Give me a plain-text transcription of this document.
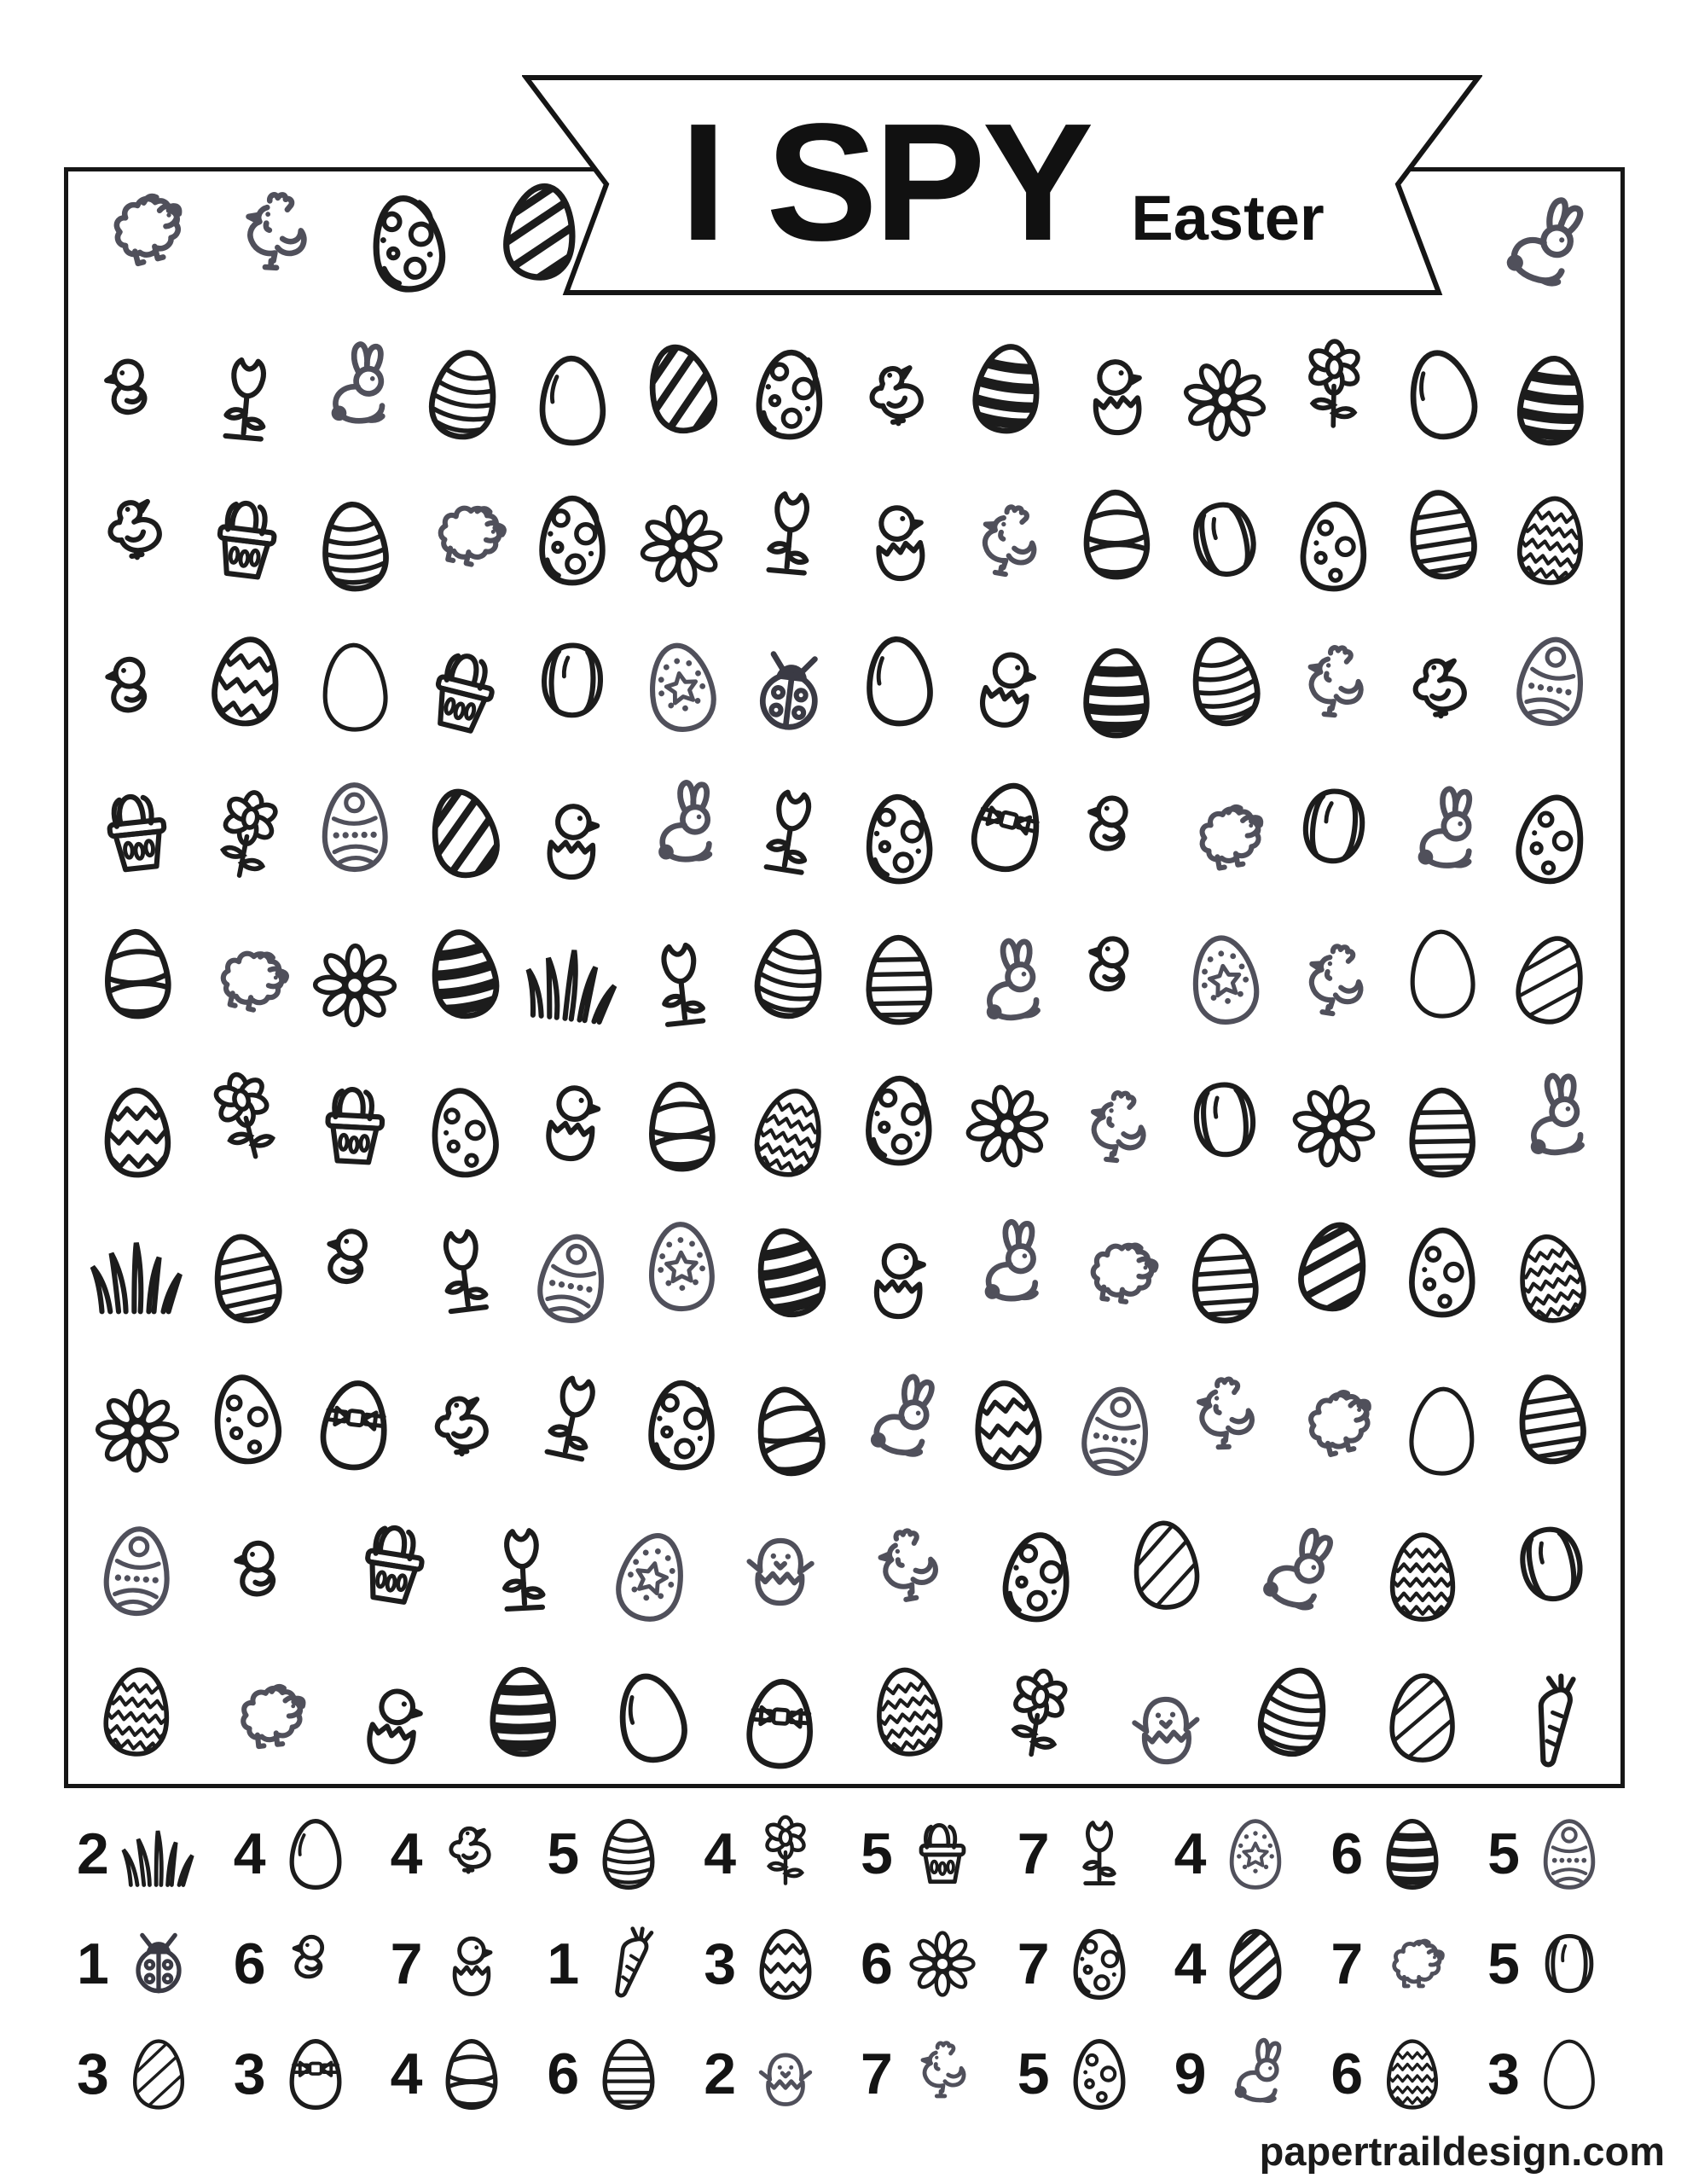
I SPY Easter
2 4 4 5 4 5 7 4 6 5
1 6 7 1 3 6 7 4 7 5
3 3 4 6 2 7 5 9 6 3
papertraildesign.com
